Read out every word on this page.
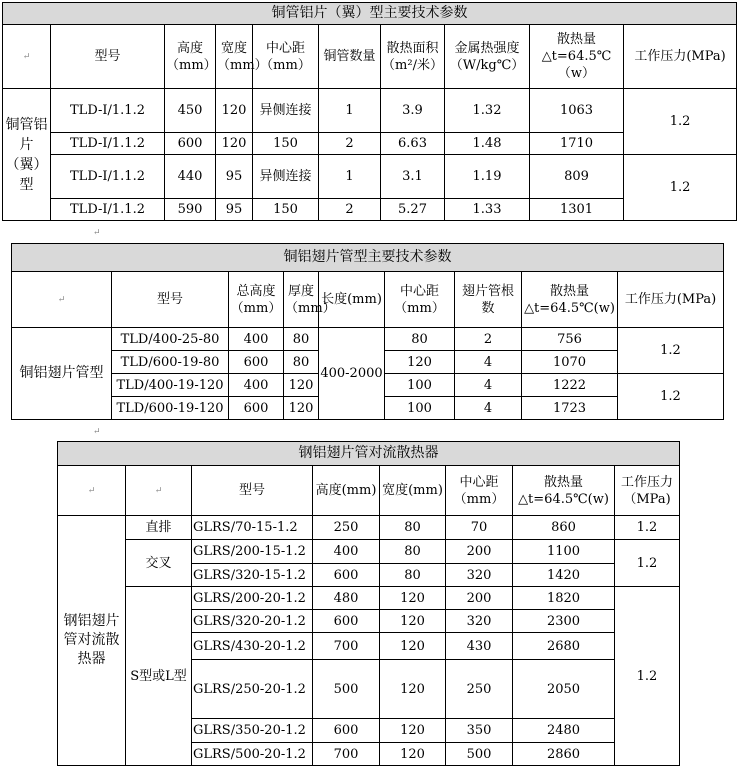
铜管铝片（翼）型主要技术参数									
↵	型号	高度（mm）	宽度（mm）	中心距（mm）	铜管数量	散热面积（m²/米）	金属热强度（W/kg℃）	散热量 △t=64.5℃（w）	工作压力(MPa)
铜管铝片（翼）型	TLD-Ⅰ/1.1.2	450	120	异侧连接	1	3.9	1.32	1063	1.2
	TLD-Ⅰ/1.1.2	600	120	150	2	6.63	1.48	1710	
	TLD-Ⅰ/1.1.2	440	95	异侧连接	1	3.1	1.19	809	1.2
	TLD-Ⅰ/1.1.2	590	95	150	2	5.27	1.33	1301	
↵
铜铝翅片管型主要技术参数								
↵	型号	总高度（mm）	厚度（mm）	长度(mm)	中心距（mm）	翅片管根数	散热量 △t=64.5℃(w)	工作压力(MPa)
铜铝翅片管型	TLD/400-25-80	400	80	400-2000	80	2	756	1.2
	TLD/600-19-80	600	80		120	4	1070	
	TLD/400-19-120	400	120		100	4	1222	1.2
	TLD/600-19-120	600	120		100	4	1723	
↵
钢铝翅片管对流散热器							
↵	↵	型号	高度(mm)	宽度(mm)	中心距（mm）	散热量 △t=64.5℃(w)	工作压力（MPa)
钢铝翅片管对流散热器	直排	GLRS/70-15-1.2	250	80	70	860	1.2
	交叉	GLRS/200-15-1.2	400	80	200	1100	1.2
		GLRS/320-15-1.2	600	80	320	1420	
	S型或L型	GLRS/200-20-1.2	480	120	200	1820	1.2
		GLRS/320-20-1.2	600	120	320	2300	
		GLRS/430-20-1.2	700	120	430	2680	
		GLRS/250-20-1.2	500	120	250	2050	
		GLRS/350-20-1.2	600	120	350	2480	
		GLRS/500-20-1.2	700	120	500	2860	
